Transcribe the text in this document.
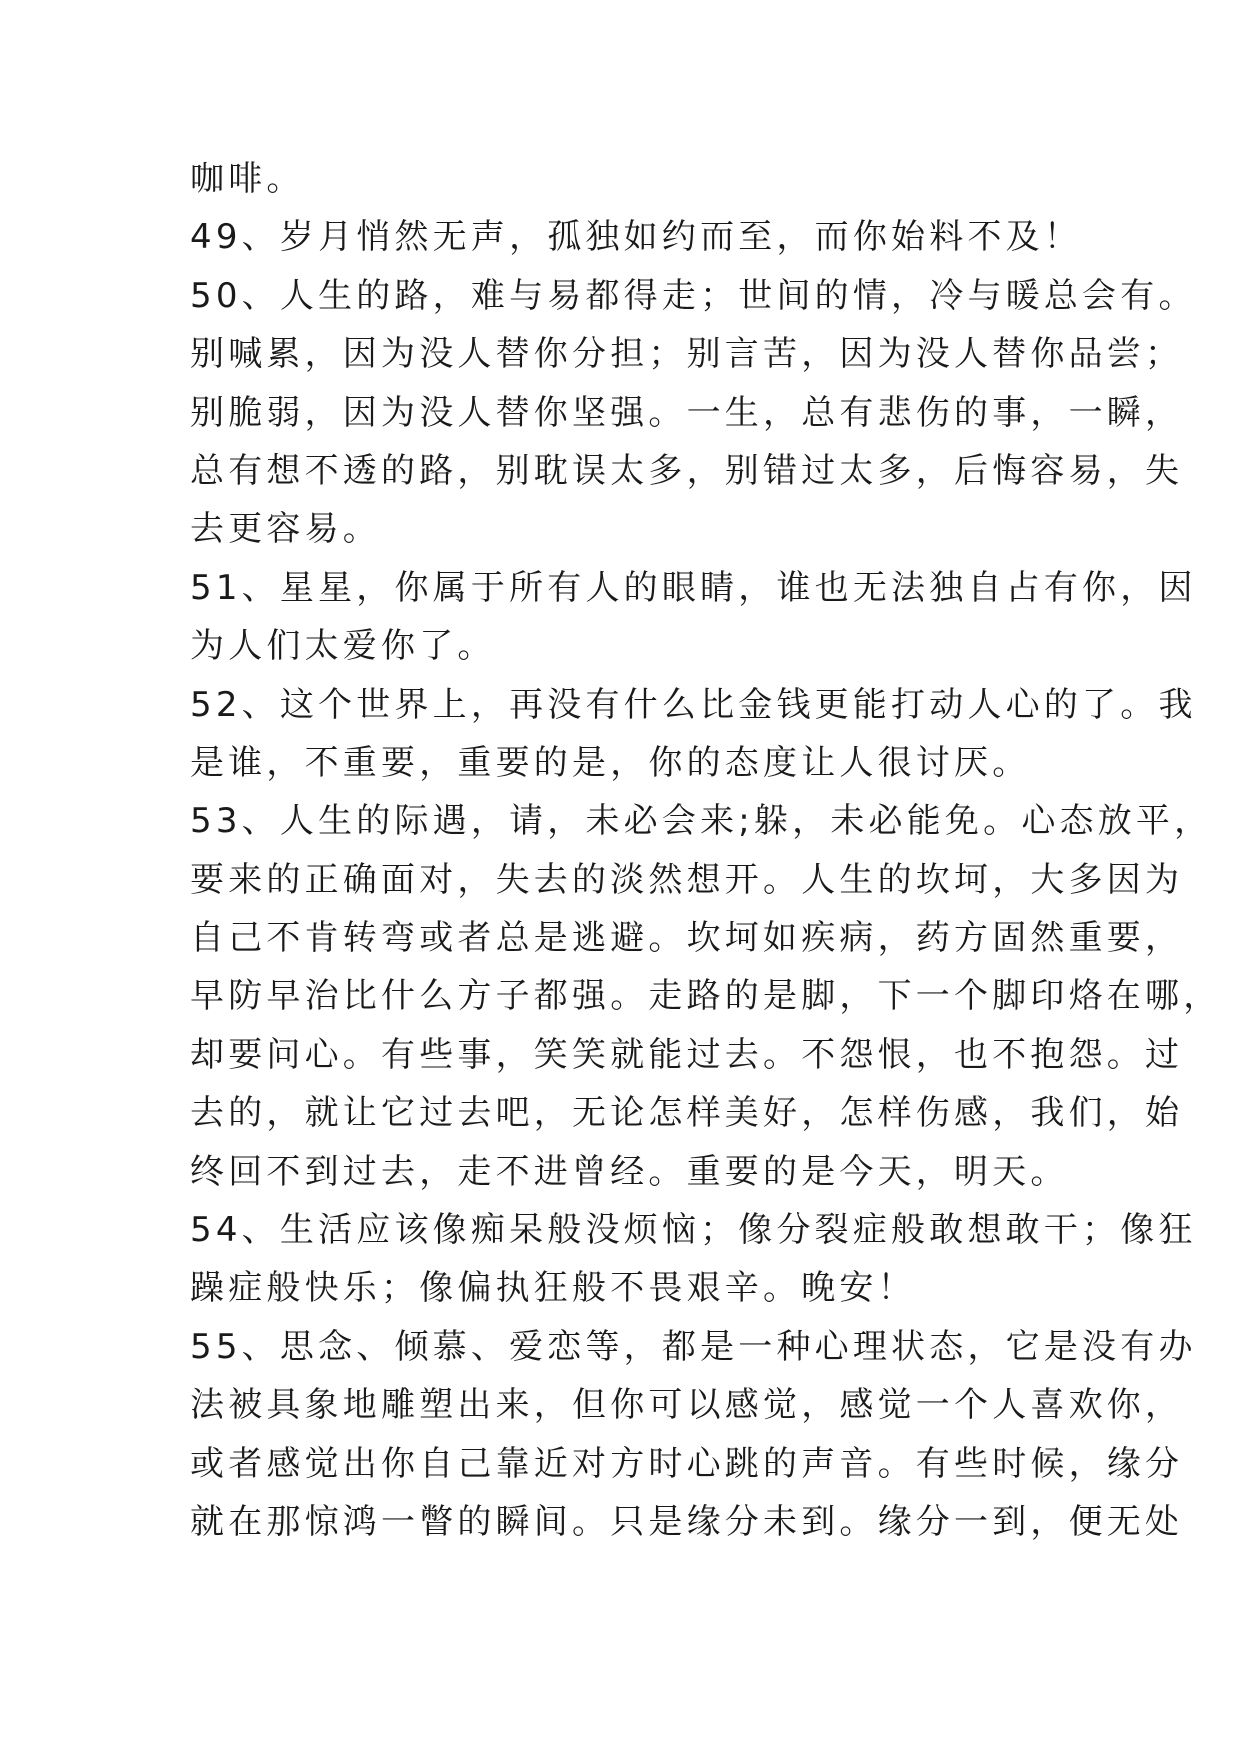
咖啡。
49、岁月悄然无声，孤独如约而至，而你始料不及！
50、人生的路，难与易都得走；世间的情，冷与暖总会有。
别喊累，因为没人替你分担；别言苦，因为没人替你品尝；
别脆弱，因为没人替你坚强。一生，总有悲伤的事，一瞬，
总有想不透的路，别耽误太多，别错过太多，后悔容易，失
去更容易。
51、星星，你属于所有人的眼睛，谁也无法独自占有你，因
为人们太爱你了。
52、这个世界上，再没有什么比金钱更能打动人心的了。我
是谁，不重要，重要的是，你的态度让人很讨厌。
53、人生的际遇，请，未必会来;躲，未必能免。心态放平，
要来的正确面对，失去的淡然想开。人生的坎坷，大多因为
自己不肯转弯或者总是逃避。坎坷如疾病，药方固然重要，
早防早治比什么方子都强。走路的是脚，下一个脚印烙在哪，
却要问心。有些事，笑笑就能过去。不怨恨，也不抱怨。过
去的，就让它过去吧，无论怎样美好，怎样伤感，我们，始
终回不到过去，走不进曾经。重要的是今天，明天。
54、生活应该像痴呆般没烦恼；像分裂症般敢想敢干；像狂
躁症般快乐；像偏执狂般不畏艰辛。晚安！
55、思念、倾慕、爱恋等，都是一种心理状态，它是没有办
法被具象地雕塑出来，但你可以感觉，感觉一个人喜欢你，
或者感觉出你自己靠近对方时心跳的声音。有些时候，缘分
就在那惊鸿一瞥的瞬间。只是缘分未到。缘分一到，便无处
